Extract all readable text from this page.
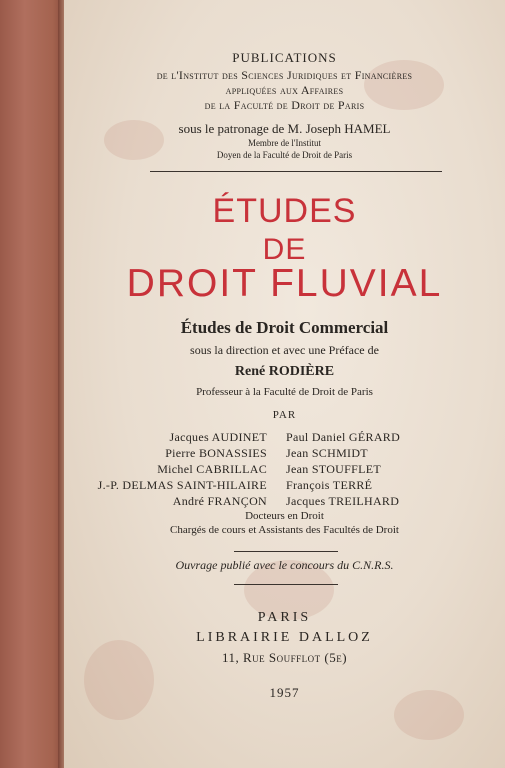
PUBLICATIONS
de l'Institut des Sciences Juridiques et Financières
appliquées aux Affaires
de la Faculté de Droit de Paris
sous le patronage de M. Joseph HAMEL
Membre de l'Institut
Doyen de la Faculté de Droit de Paris
ÉTUDES
DE
DROIT FLUVIAL
Études de Droit Commercial
sous la direction et avec une Préface de
René RODIÈRE
Professeur à la Faculté de Droit de Paris
PAR
Jacques AUDINET
Pierre BONASSIES
Michel CABRILLAC
J.-P. DELMAS SAINT-HILAIRE
André FRANÇON
Paul Daniel GÉRARD
Jean SCHMIDT
Jean STOUFFLET
François TERRÉ
Jacques TREILHARD
Docteurs en Droit
Chargés de cours et Assistants des Facultés de Droit
Ouvrage publié avec le concours du C.N.R.S.
PARIS
LIBRAIRIE DALLOZ
11, Rue Soufflot (5e)
1957
